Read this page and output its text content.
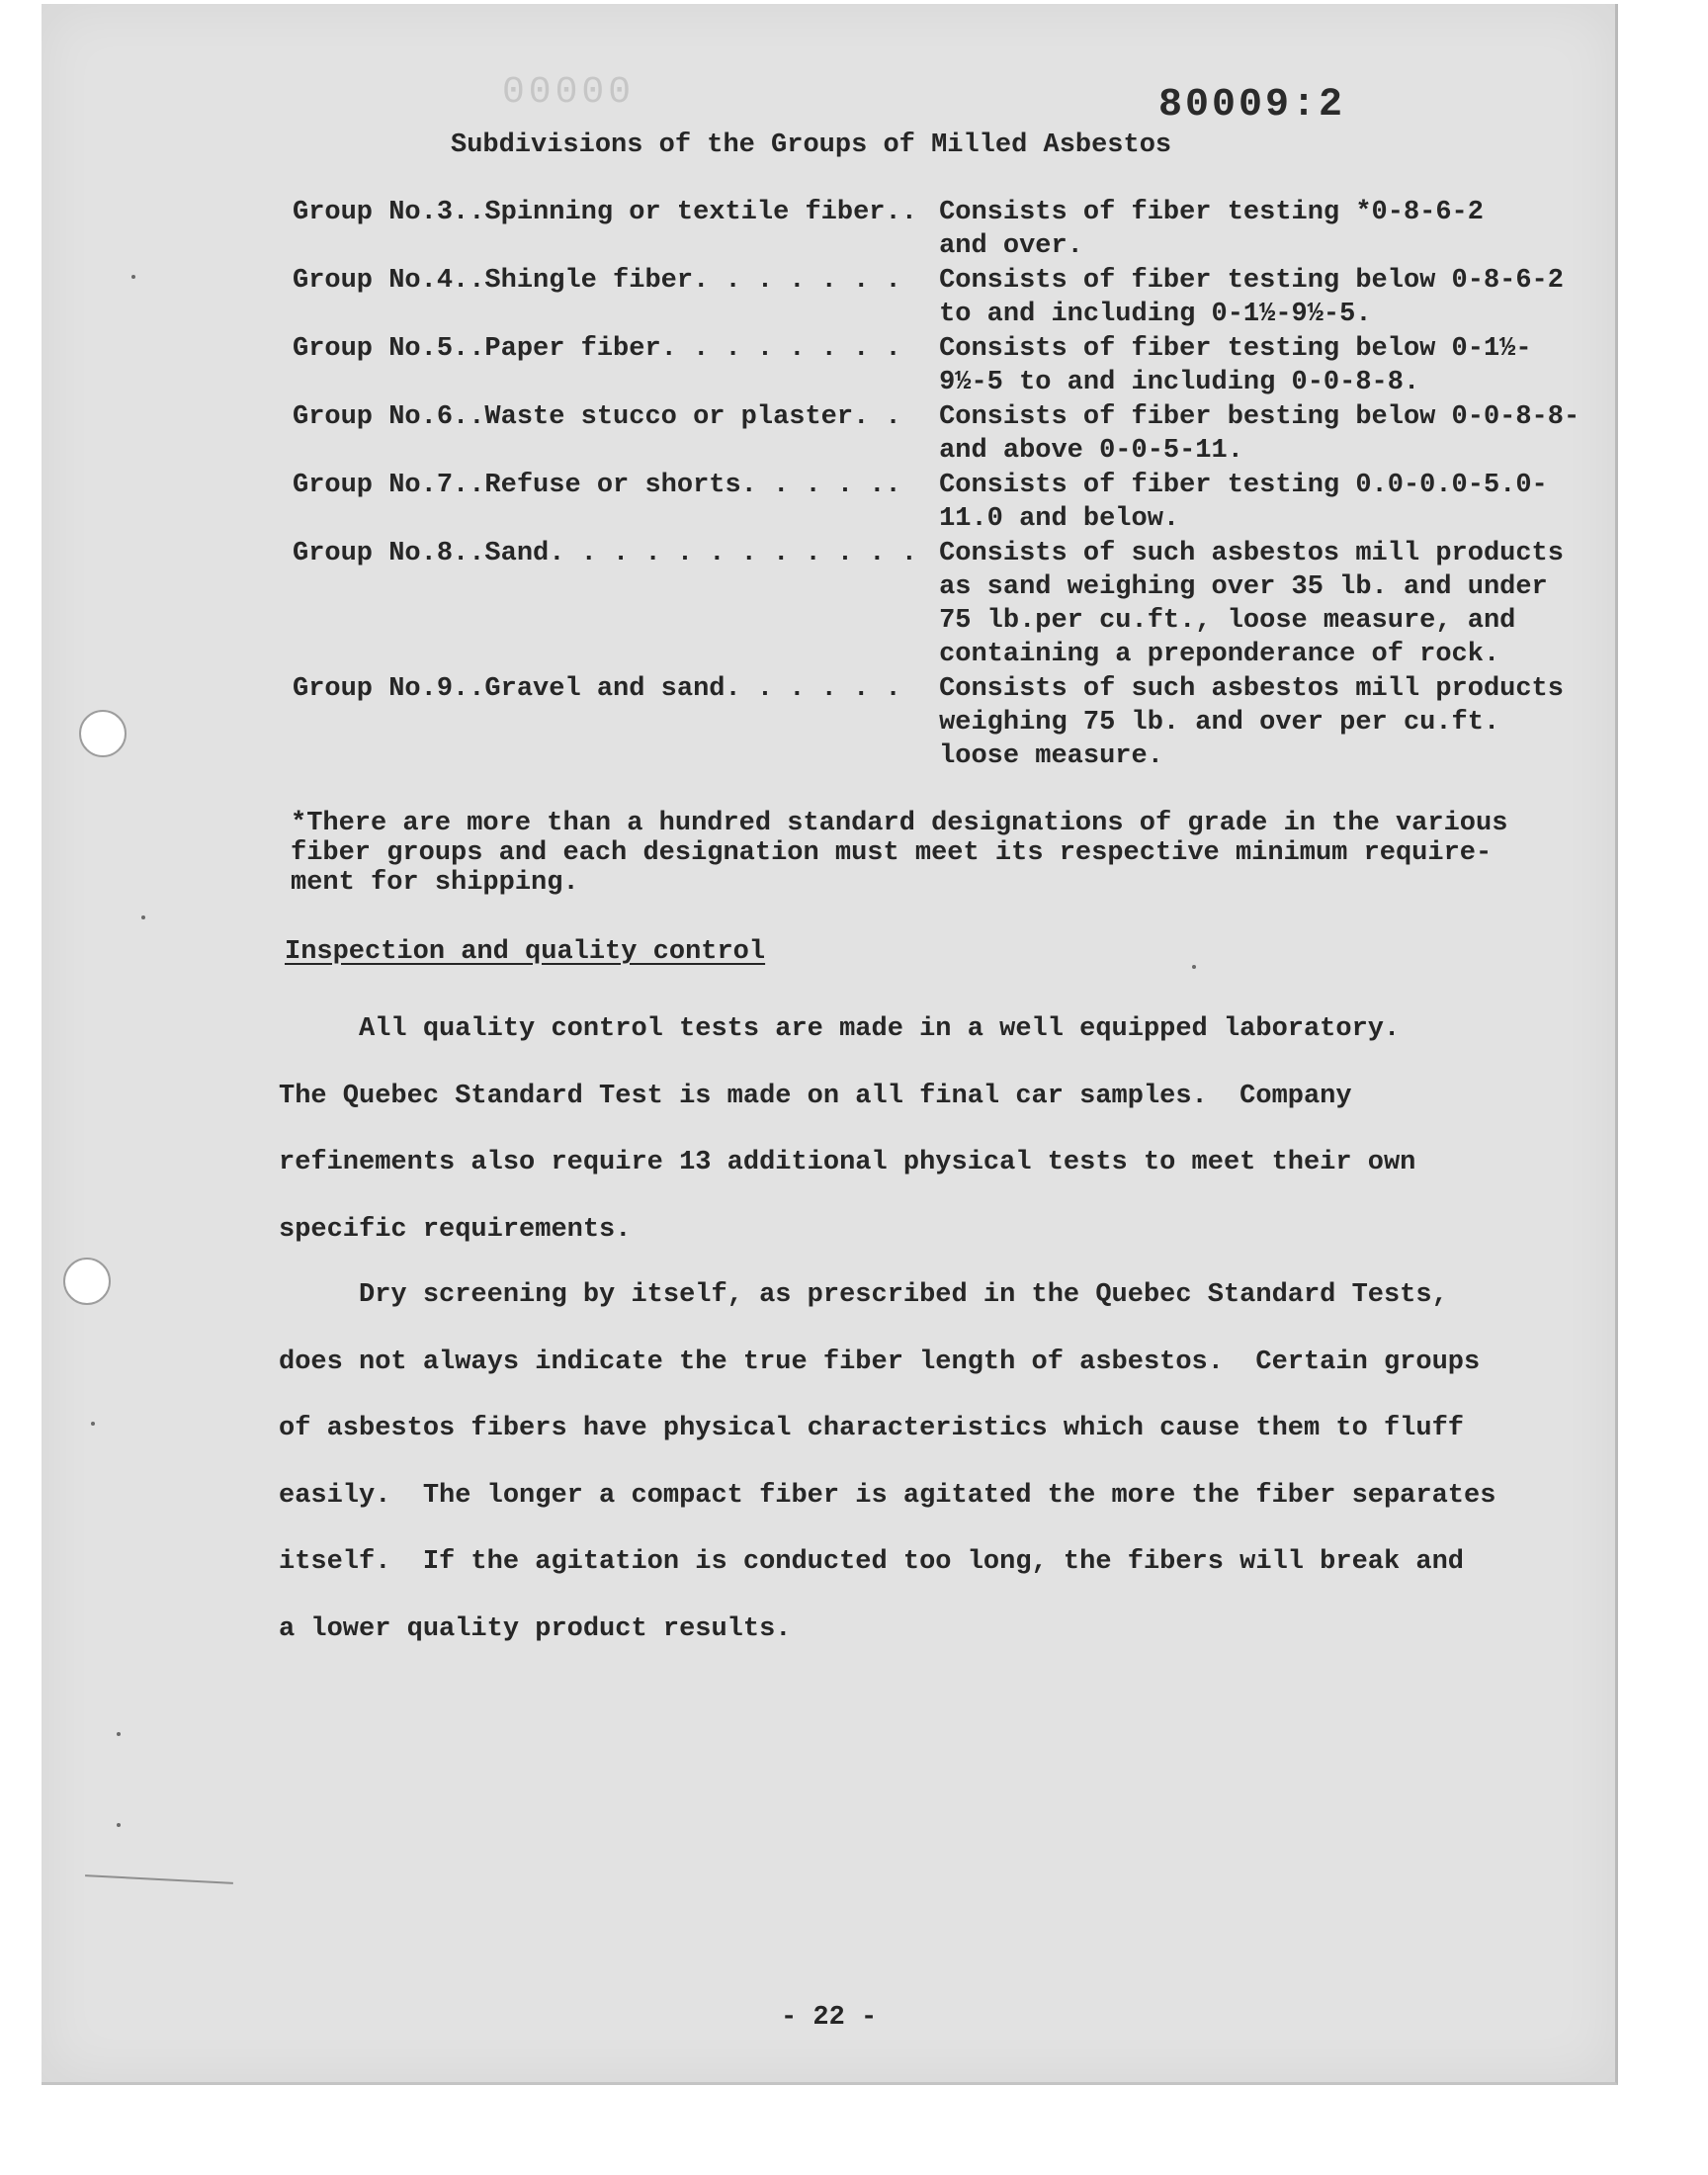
00000	80009:2
Subdivisions of the Groups of Milled Asbestos
Group No.3..Spinning or textile fiber.. Consists of fiber testing *0-8-6-2
and over.
Group No.4..Shingle fiber. . . . . . .	Consists of fiber testing below 0-8-6-2
to and including 0-1½-9½-5.
Group No.5..Paper fiber. . . . . . . .	Consists of fiber testing below 0-1½-
9½-5 to and including 0-0-8-8.
Group No.6..Waste stucco or plaster. .	Consists of fiber besting below 0-0-8-8-
and above 0-0-5-11.
Group No.7..Refuse or shorts. . . . ..	Consists of fiber testing 0.0-0.0-5.0-
11.0 and below.
Group No.8..Sand. . . . . . . . . . . . Consists of such asbestos mill products
as sand weighing over 35 lb. and under
75 lb.per cu.ft., loose measure, and
containing a preponderance of rock.
Group No.9..Gravel and sand. . . . . .	Consists of such asbestos mill products
weighing 75 lb. and over per cu.ft.
loose measure.
*There are more than a hundred standard designations of grade in the various
fiber groups and each designation must meet its respective minimum require-
ment for shipping.
Inspection and quality control
All quality control tests are made in a well equipped laboratory.
The Quebec Standard Test is made on all final car samples.  Company
refinements also require 13 additional physical tests to meet their own
specific requirements.
Dry screening by itself, as prescribed in the Quebec Standard Tests,
does not always indicate the true fiber length of asbestos.  Certain groups
of asbestos fibers have physical characteristics which cause them to fluff
easily.  The longer a compact fiber is agitated the more the fiber separates
itself.  If the agitation is conducted too long, the fibers will break and
a lower quality product results.
- 22 -
